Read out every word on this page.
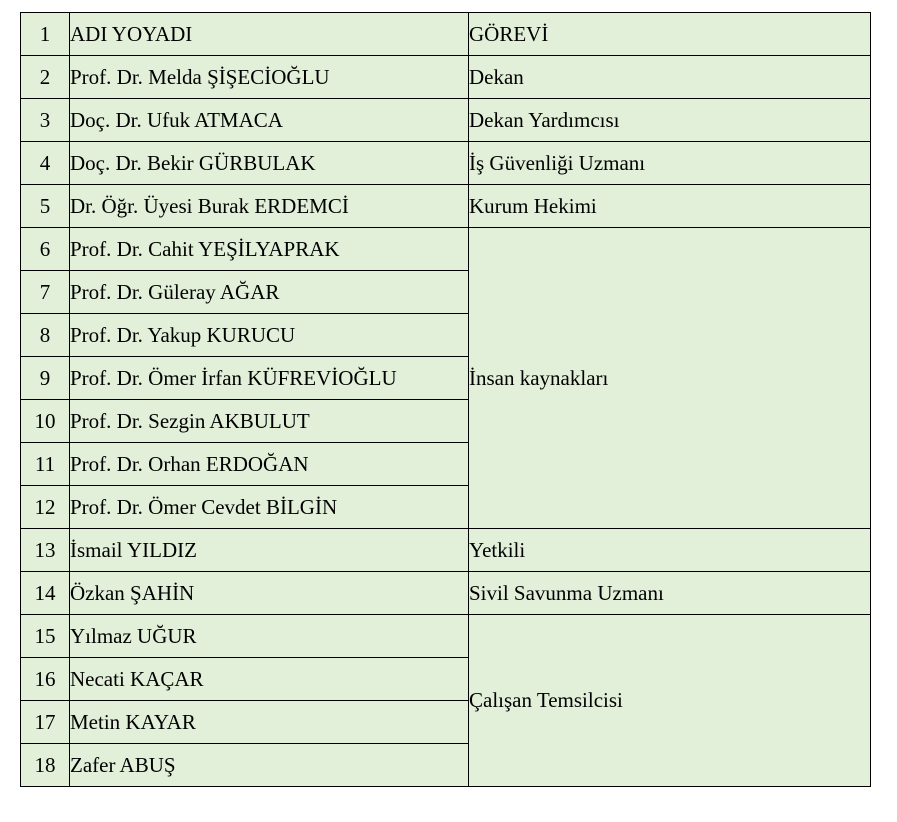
1	ADI YOYADI	GÖREVİ
2	Prof. Dr. Melda ŞİŞECİOĞLU	Dekan
3	Doç. Dr. Ufuk ATMACA	Dekan Yardımcısı
4	Doç. Dr. Bekir GÜRBULAK	İş Güvenliği Uzmanı
5	Dr. Öğr. Üyesi Burak ERDEMCİ	Kurum Hekimi
6	Prof. Dr. Cahit YEŞİLYAPRAK	İnsan kaynakları
7	Prof. Dr. Güleray AĞAR	
8	Prof. Dr. Yakup KURUCU	
9	Prof. Dr. Ömer İrfan KÜFREVİOĞLU	
10	Prof. Dr. Sezgin AKBULUT	
11	Prof. Dr. Orhan ERDOĞAN	
12	Prof. Dr. Ömer Cevdet BİLGİN	
13	İsmail YILDIZ	Yetkili
14	Özkan ŞAHİN	Sivil Savunma Uzmanı
15	Yılmaz UĞUR	Çalışan Temsilcisi
16	Necati KAÇAR	
17	Metin KAYAR	
18	Zafer ABUŞ	
